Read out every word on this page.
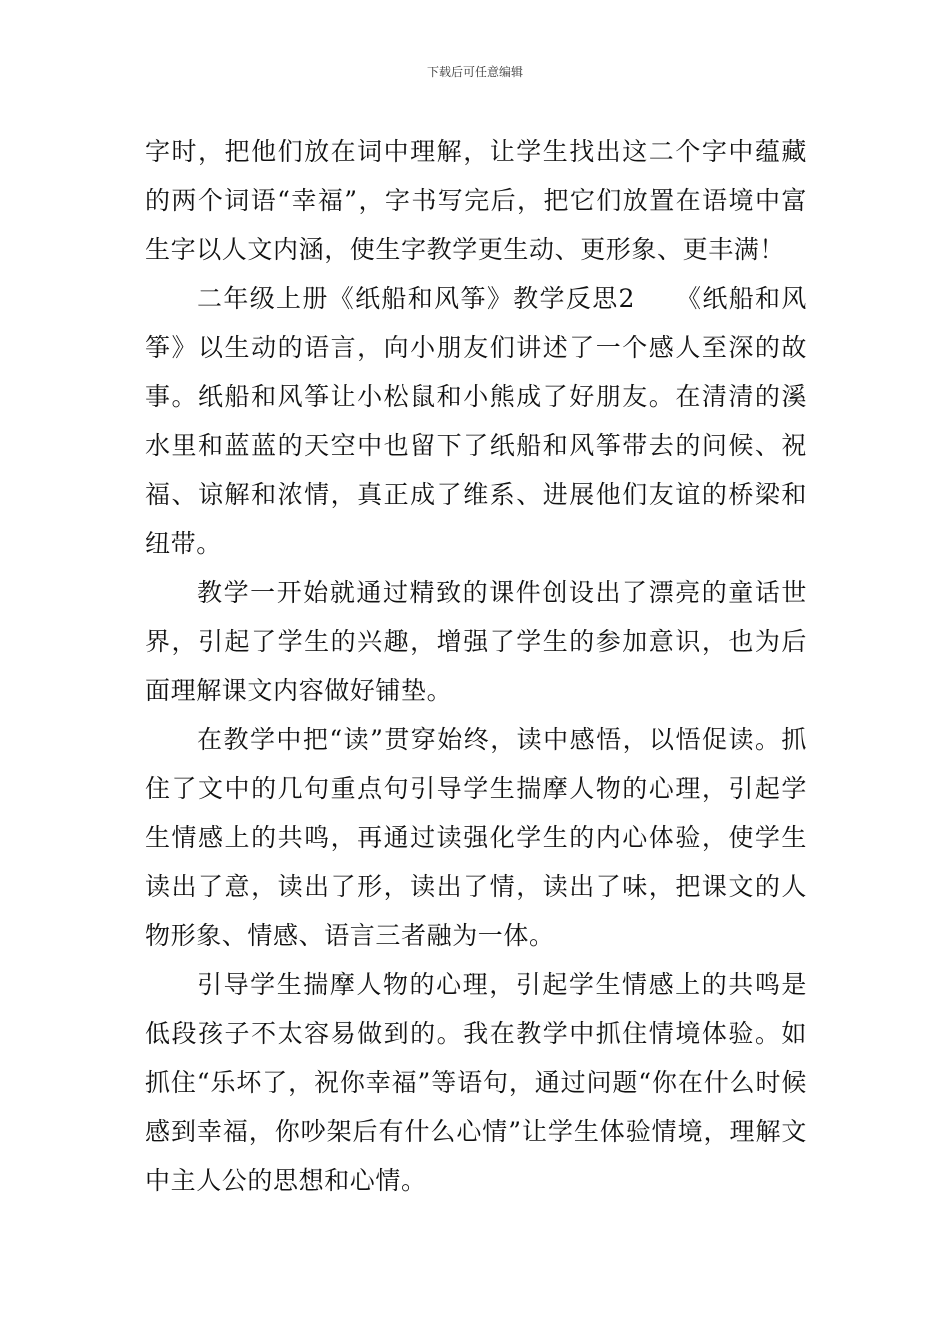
下载后可任意编辑

字时，把他们放在词中理解，让学生找出这二个字中蕴藏的两个词语“幸福”，字书写完后，把它们放置在语境中富生字以人文内涵，使生字教学更生动、更形象、更丰满！

二年级上册《纸船和风筝》教学反思2　　《纸船和风筝》以生动的语言，向小朋友们讲述了一个感人至深的故事。纸船和风筝让小松鼠和小熊成了好朋友。在清清的溪水里和蓝蓝的天空中也留下了纸船和风筝带去的问候、祝福、谅解和浓情，真正成了维系、进展他们友谊的桥梁和纽带。

教学一开始就通过精致的课件创设出了漂亮的童话世界，引起了学生的兴趣，增强了学生的参加意识，也为后面理解课文内容做好铺垫。

在教学中把“读”贯穿始终，读中感悟，以悟促读。抓住了文中的几句重点句引导学生揣摩人物的心理，引起学生情感上的共鸣，再通过读强化学生的内心体验，使学生读出了意，读出了形，读出了情，读出了味，把课文的人物形象、情感、语言三者融为一体。

引导学生揣摩人物的心理，引起学生情感上的共鸣是低段孩子不太容易做到的。我在教学中抓住情境体验。如抓住“乐坏了，祝你幸福”等语句，通过问题“你在什么时候感到幸福，你吵架后有什么心情”让学生体验情境，理解文中主人公的思想和心情。
